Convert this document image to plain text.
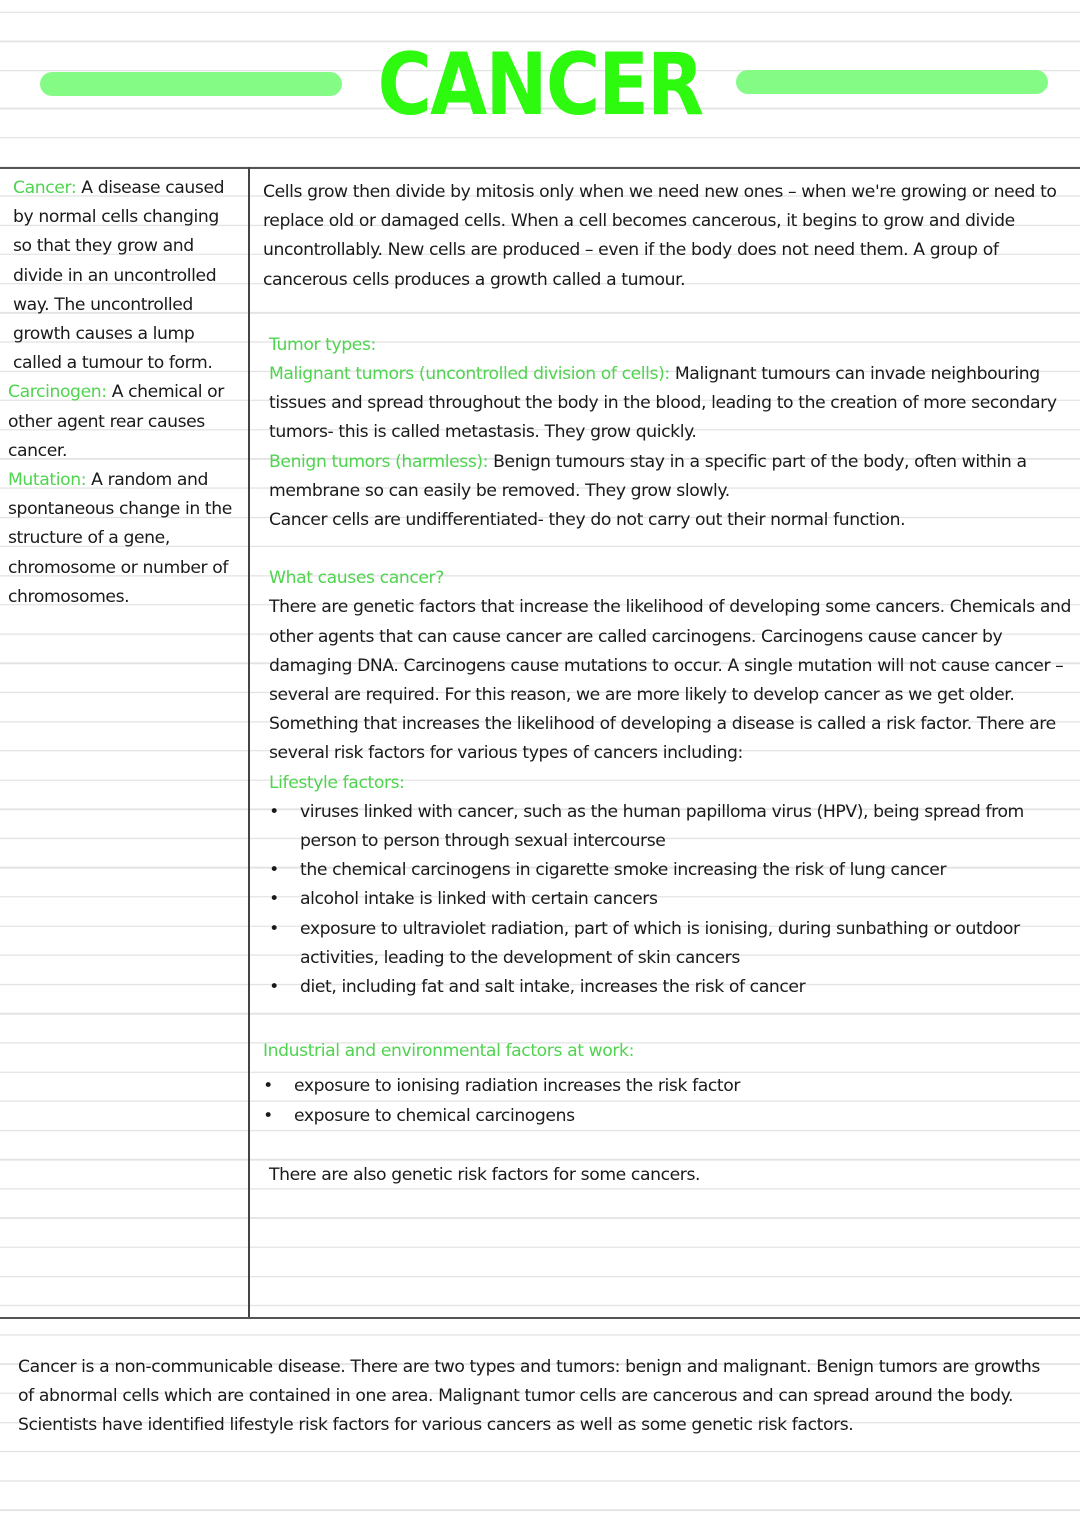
CANCER

Cancer: A disease caused by normal cells changing so that they grow and divide in an uncontrolled way. The uncontrolled growth causes a lump called a tumour to form.

Carcinogen: A chemical or other agent rear causes cancer.

Mutation: A random and spontaneous change in the structure of a gene, chromosome or number of chromosomes.

Cells grow then divide by mitosis only when we need new ones – when we're growing or need to replace old or damaged cells. When a cell becomes cancerous, it begins to grow and divide uncontrollably. New cells are produced – even if the body does not need them. A group of cancerous cells produces a growth called a tumour.

Tumor types:

Malignant tumors (uncontrolled division of cells): Malignant tumours can invade neighbouring tissues and spread throughout the body in the blood, leading to the creation of more secondary tumors- this is called metastasis. They grow quickly.

Benign tumors (harmless): Benign tumours stay in a specific part of the body, often within a membrane so can easily be removed. They grow slowly.

Cancer cells are undifferentiated- they do not carry out their normal function.

What causes cancer?

There are genetic factors that increase the likelihood of developing some cancers. Chemicals and other agents that can cause cancer are called carcinogens. Carcinogens cause cancer by damaging DNA. Carcinogens cause mutations to occur. A single mutation will not cause cancer – several are required. For this reason, we are more likely to develop cancer as we get older. Something that increases the likelihood of developing a disease is called a risk factor. There are several risk factors for various types of cancers including:

Lifestyle factors:

• viruses linked with cancer, such as the human papilloma virus (HPV), being spread from person to person through sexual intercourse
• the chemical carcinogens in cigarette smoke increasing the risk of lung cancer
• alcohol intake is linked with certain cancers
• exposure to ultraviolet radiation, part of which is ionising, during sunbathing or outdoor activities, leading to the development of skin cancers
• diet, including fat and salt intake, increases the risk of cancer

Industrial and environmental factors at work:

• exposure to ionising radiation increases the risk factor
• exposure to chemical carcinogens

There are also genetic risk factors for some cancers.

Cancer is a non-communicable disease. There are two types and tumors: benign and malignant. Benign tumors are growths of abnormal cells which are contained in one area. Malignant tumor cells are cancerous and can spread around the body. Scientists have identified lifestyle risk factors for various cancers as well as some genetic risk factors.
